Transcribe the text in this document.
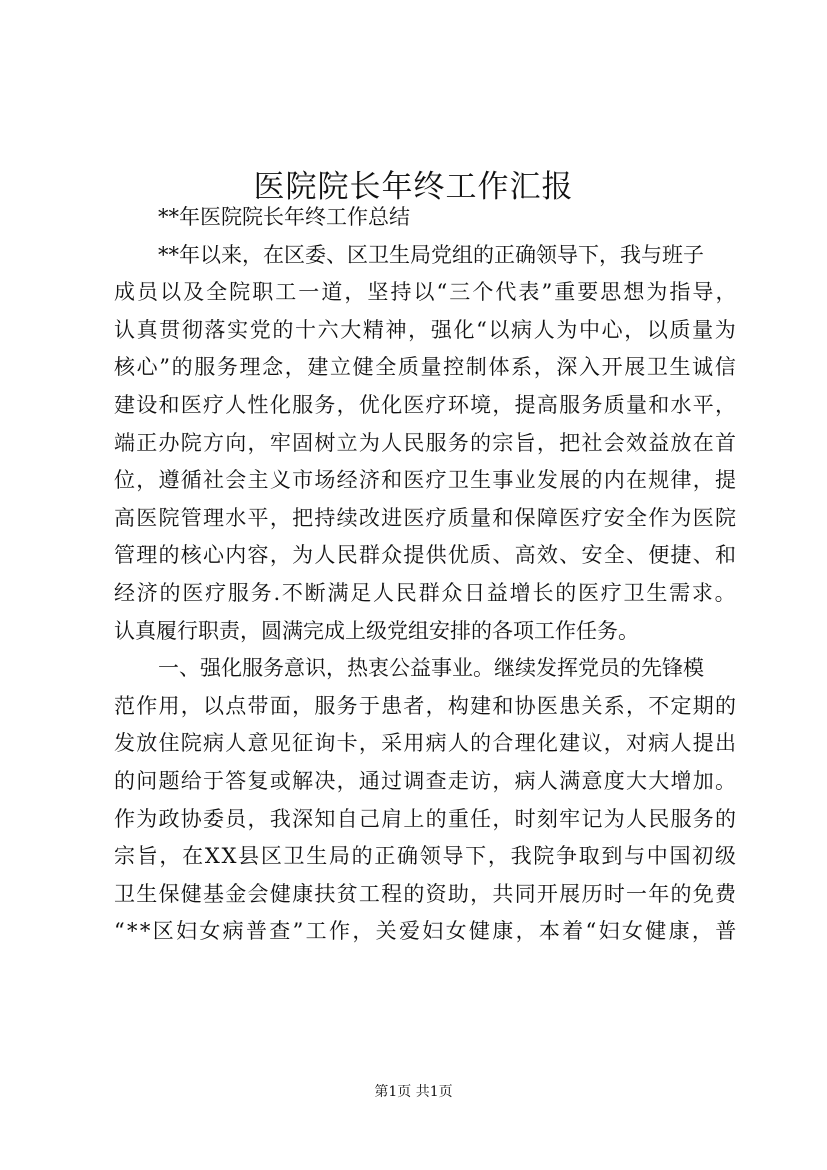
医院院长年终工作汇报
**年医院院长年终工作总结
**年以来，在区委、区卫生局党组的正确领导下，我与班子
成员以及全院职工一道，坚持以“三个代表”重要思想为指导，
认真贯彻落实党的十六大精神，强化“以病人为中心，以质量为
核心”的服务理念，建立健全质量控制体系，深入开展卫生诚信
建设和医疗人性化服务，优化医疗环境，提高服务质量和水平，
端正办院方向，牢固树立为人民服务的宗旨，把社会效益放在首
位，遵循社会主义市场经济和医疗卫生事业发展的内在规律，提
高医院管理水平，把持续改进医疗质量和保障医疗安全作为医院
管理的核心内容，为人民群众提供优质、高效、安全、便捷、和
经济的医疗服务.不断满足人民群众日益增长的医疗卫生需求。
认真履行职责，圆满完成上级党组安排的各项工作任务。
一、强化服务意识，热衷公益事业。继续发挥党员的先锋模
范作用，以点带面，服务于患者，构建和协医患关系，不定期的
发放住院病人意见征询卡，采用病人的合理化建议，对病人提出
的问题给于答复或解决，通过调查走访，病人满意度大大增加。
作为政协委员，我深知自己肩上的重任，时刻牢记为人民服务的
宗旨，在XX县区卫生局的正确领导下，我院争取到与中国初级
卫生保健基金会健康扶贫工程的资助，共同开展历时一年的免费
“**区妇女病普查”工作，关爱妇女健康，本着“妇女健康，普
第1页 共1页
